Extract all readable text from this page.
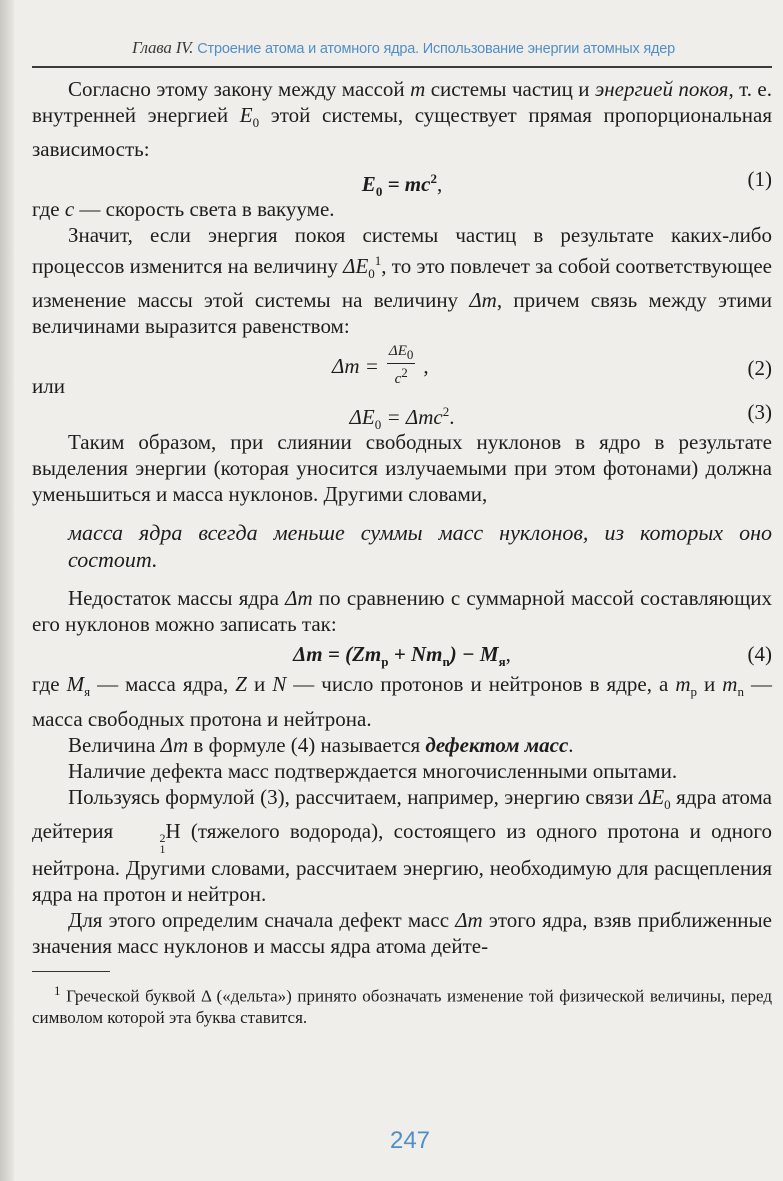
Глава IV. Строение атома и атомного ядра. Использование энергии атомных ядер

Согласно этому закону между массой m системы частиц и энергией покоя, т. е. внутренней энергией $E_0$ этой системы, существует прямая пропорциональная зависимость:

$E_0 = mc^2$,	(1)

где c — скорость света в вакууме.

Значит, если энергия покоя системы частиц в результате каких-либо процессов изменится на величину $\Delta E_0^1$, то это повлечет за собой соответствующее изменение массы этой системы на величину Δm, причем связь между этими величинами выразится равенством:

$\Delta m = \frac{\Delta E_0}{c^2}$ ,	(2)
или
$\Delta E_0 = \Delta mc^2$.	(3)

Таким образом, при слиянии свободных нуклонов в ядро в результате выделения энергии (которая уносится излучаемыми при этом фотонами) должна уменьшиться и масса нуклонов. Другими словами,

масса ядра всегда меньше суммы масс нуклонов, из которых оно состоит.

Недостаток массы ядра Δm по сравнению с суммарной массой составляющих его нуклонов можно записать так:

$\Delta m = (Zm_p + Nm_n) - M_я$,	(4)

где $M_я$ — масса ядра, Z и N — число протонов и нейтронов в ядре, а $m_p$ и $m_n$ — масса свободных протона и нейтрона.

Величина Δm в формуле (4) называется дефектом масс.

Наличие дефекта масс подтверждается многочисленными опытами.

Пользуясь формулой (3), рассчитаем, например, энергию связи $\Delta E_0$ ядра атома дейтерия	2
1
H (тяжелого водорода), состоящего из одного протона и одного нейтрона. Другими словами, рассчитаем энергию, необходимую для расщепления ядра на протон и нейтрон.

Для этого определим сначала дефект масс Δm этого ядра, взяв приближенные значения масс нуклонов и массы ядра атома дейте-

$^1$ Греческой буквой Δ («дельта») принято обозначать изменение той физической величины, перед символом которой эта буква ставится.
247
